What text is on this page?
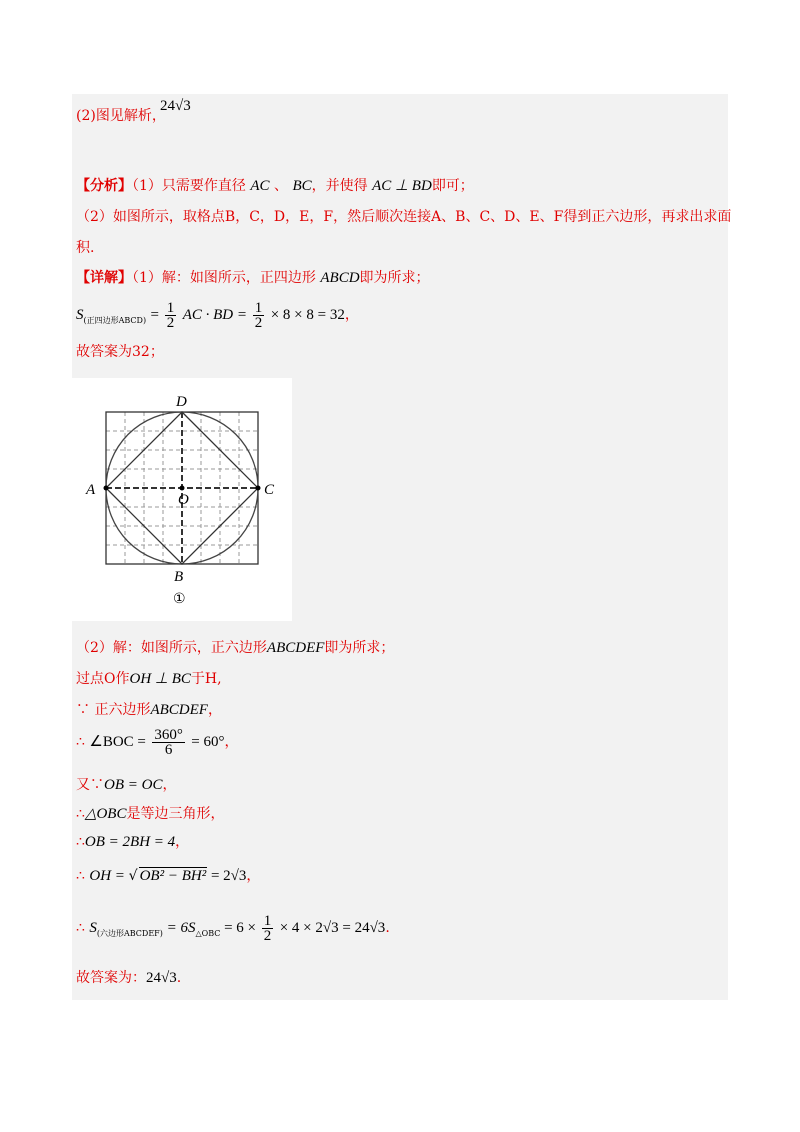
(2)图见解析，
24√3
【分析】（1）只需要作直径 AC 、 BC，并使得 AC ⊥ BD即可；
（2）如图所示，取格点B，C，D，E，F，然后顺次连接A、B、C、D、E、F得到正六边形，再求出求面
积.
【详解】（1）解：如图所示，正四边形 ABCD即为所求；
$S_{(正四边形ABCD)} = \frac{1}{2}$ AC · BD = $\frac{1}{2} \times 8 \times 8 = 32$，
故答案为32；
A	C
D
B
O
①
（2）解：如图所示，正六边形ABCDEF即为所求；
过点O作OH ⊥ BC于H,
∵ 正六边形ABCDEF，
∴ ∠BOC = $\frac{360^\circ}{6} = 60^\circ$，
又∵OB = OC，
∴△OBC是等边三角形，
∴OB = 2BH = 4，
∴ OH = √ OB² − BH² = 2√3，
∴ $S_{(六边形ABCDEF)} = 6S_{\triangle OBC} = 6 \times \frac{1}{2} \times 4 \times 2√3 = 24√3$.
故答案为：24√3.
